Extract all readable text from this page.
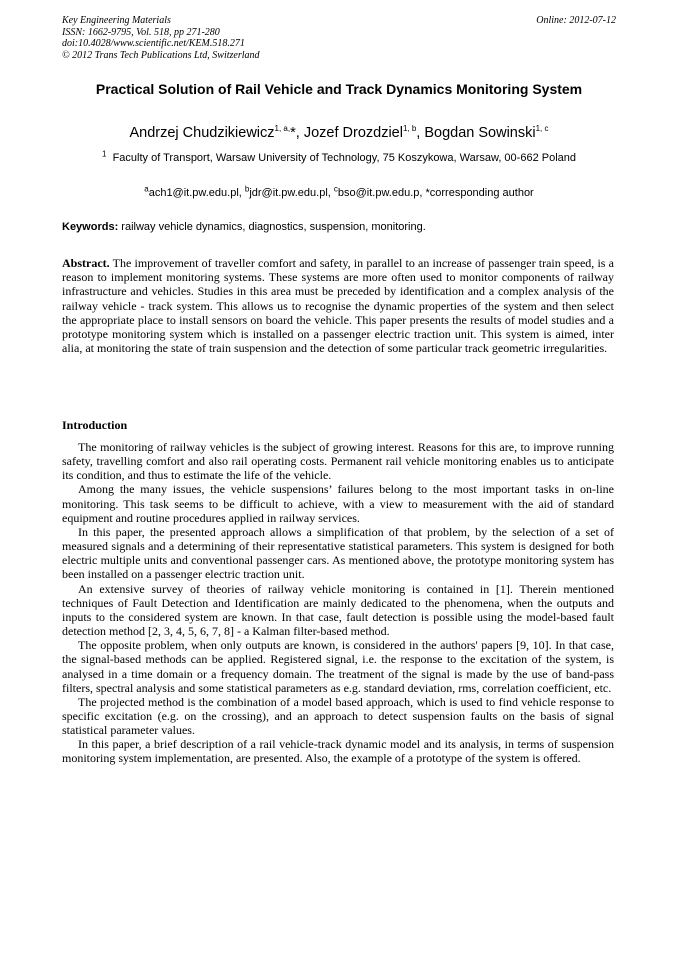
Key Engineering Materials
ISSN: 1662-9795, Vol. 518, pp 271-280
doi:10.4028/www.scientific.net/KEM.518.271
© 2012 Trans Tech Publications Ltd, Switzerland
Online: 2012-07-12
Practical Solution of Rail Vehicle and Track Dynamics Monitoring System
Andrzej Chudzikiewicz$^{1, a,}$*, Jozef Drozdziel$^{1, b}$, Bogdan Sowinski$^{1, c}$
$^1$ Faculty of Transport, Warsaw University of Technology, 75 Koszykowa, Warsaw, 00-662 Poland
$^a$ach1@it.pw.edu.pl, $^b$jdr@it.pw.edu.pl, $^c$bso@it.pw.edu.p, *corresponding author
Keywords: railway vehicle dynamics, diagnostics, suspension, monitoring.
Abstract. The improvement of traveller comfort and safety, in parallel to an increase of passenger train speed, is a reason to implement monitoring systems. These systems are more often used to monitor components of railway infrastructure and vehicles. Studies in this area must be preceded by identification and a complex analysis of the railway vehicle - track system. This allows us to recognise the dynamic properties of the system and then select the appropriate place to install sensors on board the vehicle. This paper presents the results of model studies and a prototype monitoring system which is installed on a passenger electric traction unit. This system is aimed, inter alia, at monitoring the state of train suspension and the detection of some particular track geometric irregularities.
Introduction

The monitoring of railway vehicles is the subject of growing interest. Reasons for this are, to improve running safety, travelling comfort and also rail operating costs. Permanent rail vehicle monitoring enables us to anticipate its condition, and thus to estimate the life of the vehicle.

Among the many issues, the vehicle suspensions’ failures belong to the most important tasks in on-line monitoring. This task seems to be difficult to achieve, with a view to measurement with the aid of standard equipment and routine procedures applied in railway services.

In this paper, the presented approach allows a simplification of that problem, by the selection of a set of measured signals and a determining of their representative statistical parameters. This system is designed for both electric multiple units and conventional passenger cars. As mentioned above, the prototype monitoring system has been installed on a passenger electric traction unit.

An extensive survey of theories of railway vehicle monitoring is contained in [1]. Therein mentioned techniques of Fault Detection and Identification are mainly dedicated to the phenomena, when the outputs and inputs to the considered system are known. In that case, fault detection is possible using the model-based fault detection method [2, 3, 4, 5, 6, 7, 8] - a Kalman filter-based method.

The opposite problem, when only outputs are known, is considered in the authors' papers [9, 10]. In that case, the signal-based methods can be applied. Registered signal, i.e. the response to the excitation of the system, is analysed in a time domain or a frequency domain. The treatment of the signal is made by the use of band-pass filters, spectral analysis and some statistical parameters as e.g. standard deviation, rms, correlation coefficient, etc.

The projected method is the combination of a model based approach, which is used to find vehicle response to specific excitation (e.g. on the crossing), and an approach to detect suspension faults on the basis of signal statistical parameter values.

In this paper, a brief description of a rail vehicle-track dynamic model and its analysis, in terms of suspension monitoring system implementation, are presented. Also, the example of a prototype of the system is offered.
